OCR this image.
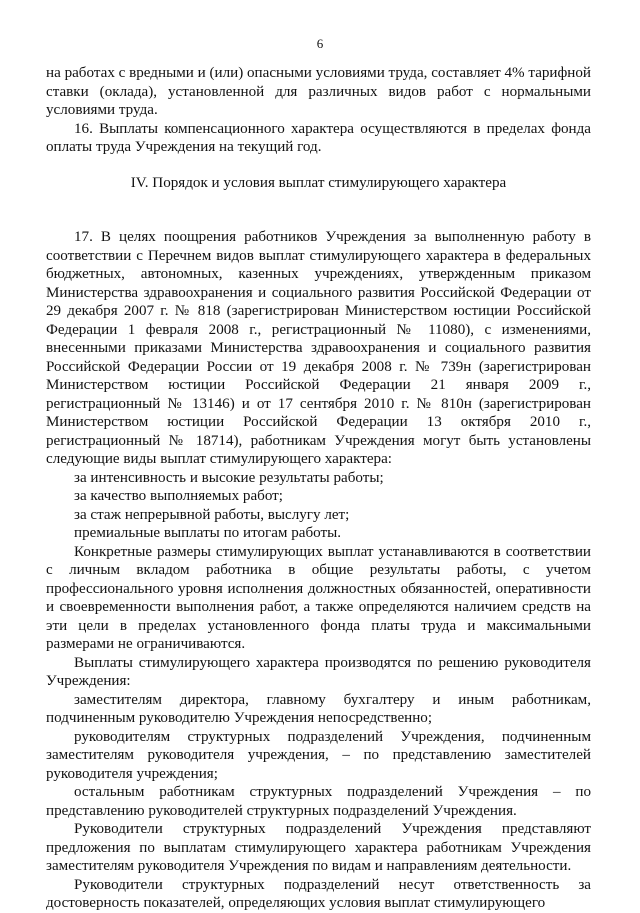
6

на работах с вредными и (или) опасными условиями труда, составляет 4% тарифной ставки (оклада), установленной для различных видов работ с нормальными условиями труда.

16. Выплаты компенсационного характера осуществляются в пределах фонда оплаты труда Учреждения на текущий год.

IV. Порядок и условия выплат стимулирующего характера

17. В целях поощрения работников Учреждения за выполненную работу в соответствии с Перечнем видов выплат стимулирующего характера в федеральных бюджетных, автономных, казенных учреждениях, утвержденным приказом Министерства здравоохранения и социального развития Российской Федерации от 29 декабря 2007 г. № 818 (зарегистрирован Министерством юстиции Российской Федерации 1 февраля 2008 г., регистрационный № 11080), с изменениями, внесенными приказами Министерства здравоохранения и социального развития Российской Федерации России от 19 декабря 2008 г. № 739н (зарегистрирован Министерством юстиции Российской Федерации 21 января 2009 г., регистрационный № 13146) и от 17 сентября 2010 г. № 810н (зарегистрирован Министерством юстиции Российской Федерации 13 октября 2010 г., регистрационный № 18714), работникам Учреждения могут быть установлены следующие виды выплат стимулирующего характера:

за интенсивность и высокие результаты работы;

за качество выполняемых работ;

за стаж непрерывной работы, выслугу лет;

премиальные выплаты по итогам работы.

Конкретные размеры стимулирующих выплат устанавливаются в соответствии с личным вкладом работника в общие результаты работы, с учетом профессионального уровня исполнения должностных обязанностей, оперативности и своевременности выполнения работ, а также определяются наличием средств на эти цели в пределах установленного фонда платы труда и максимальными размерами не ограничиваются.

Выплаты стимулирующего характера производятся по решению руководителя Учреждения:

заместителям директора, главному бухгалтеру и иным работникам, подчиненным руководителю Учреждения непосредственно;

руководителям структурных подразделений Учреждения, подчиненным заместителям руководителя учреждения, – по представлению заместителей руководителя учреждения;

остальным работникам структурных подразделений Учреждения – по представлению руководителей структурных подразделений Учреждения.

Руководители структурных подразделений Учреждения представляют предложения по выплатам стимулирующего характера работникам Учреждения заместителям руководителя Учреждения по видам и направлениям деятельности.

Руководители структурных подразделений несут ответственность за достоверность показателей, определяющих условия выплат стимулирующего
